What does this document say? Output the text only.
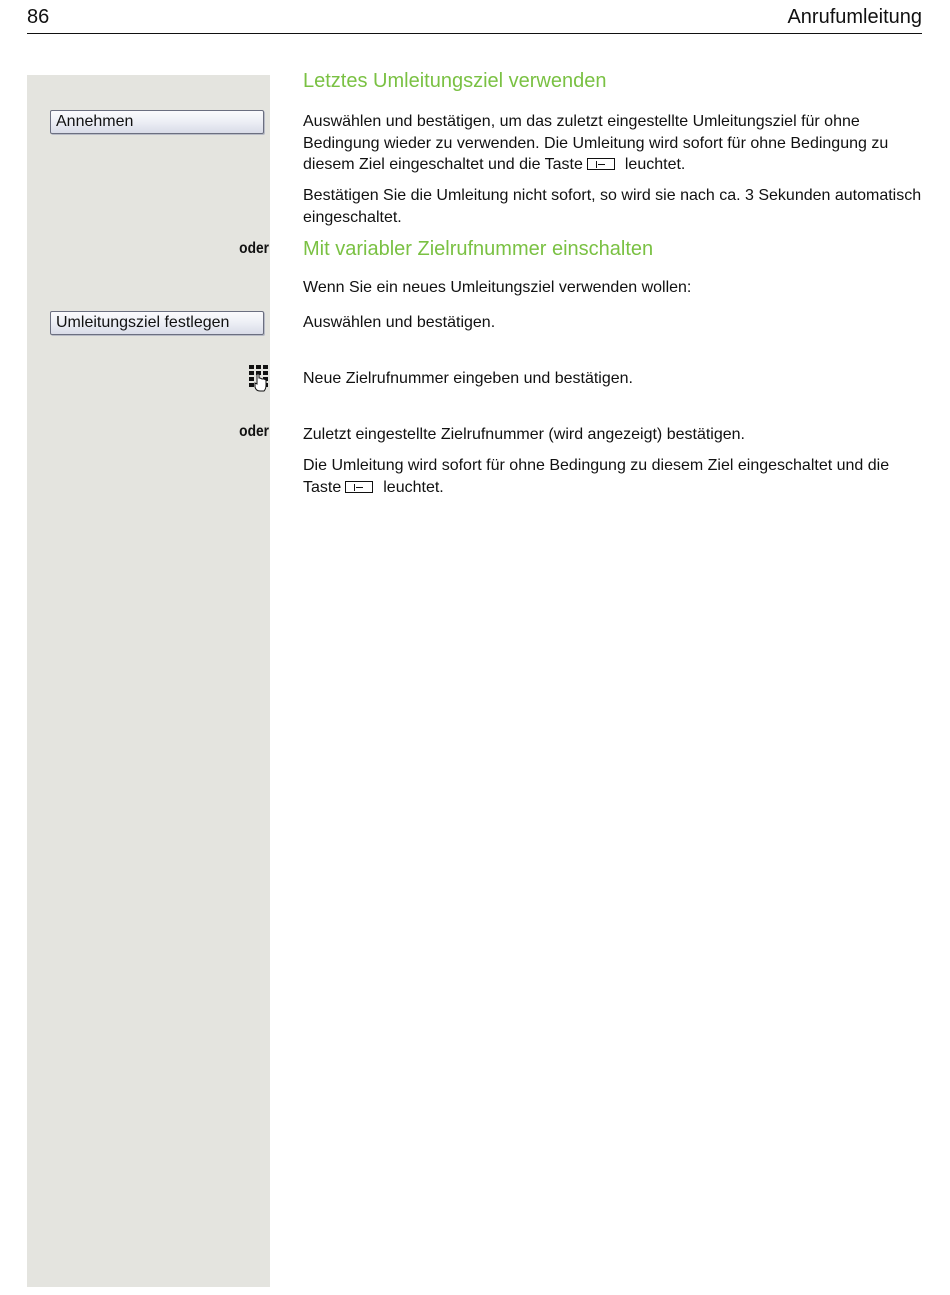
86	Anrufumleitung
Annehmen
oder
Umleitungsziel festlegen
oder
Letztes Umleitungsziel verwenden
Auswählen und bestätigen, um das zuletzt eingestellte Umleitungsziel für ohne Bedingung wieder zu verwenden. Die Umleitung wird sofort für ohne Bedingung zu diesem Ziel eingeschaltet und die Taste	leuchtet.
Bestätigen Sie die Umleitung nicht sofort, so wird sie nach ca. 3 Sekunden automatisch eingeschaltet.
Mit variabler Zielrufnummer einschalten
Wenn Sie ein neues Umleitungsziel verwenden wollen:
Auswählen und bestätigen.
Neue Zielrufnummer eingeben und bestätigen.
Zuletzt eingestellte Zielrufnummer (wird angezeigt) bestätigen.
Die Umleitung wird sofort für ohne Bedingung zu diesem Ziel eingeschaltet und die Taste	leuchtet.
